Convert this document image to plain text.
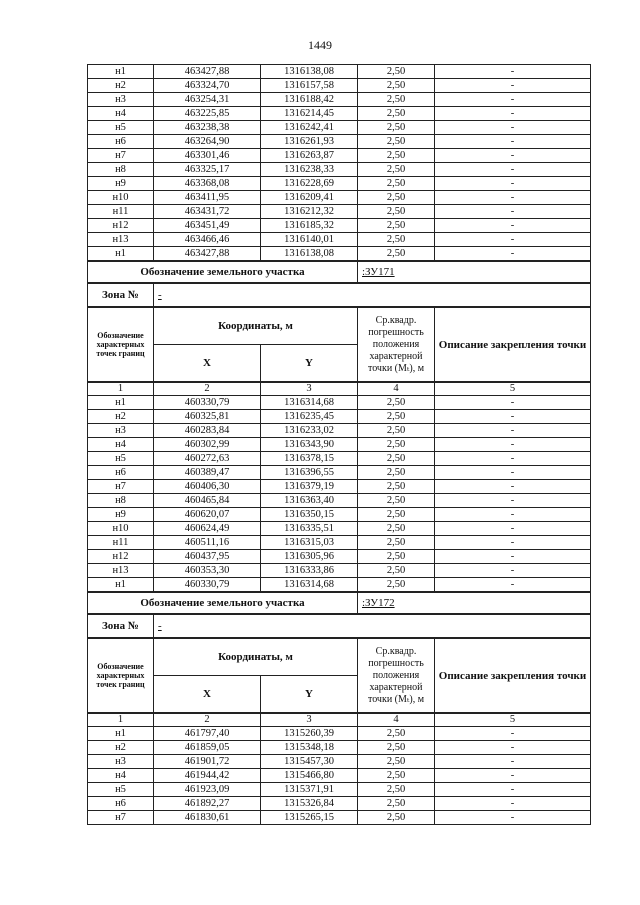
1449
н1	463427,88	1316138,08	2,50	-
н2	463324,70	1316157,58	2,50	-
н3	463254,31	1316188,42	2,50	-
н4	463225,85	1316214,45	2,50	-
н5	463238,38	1316242,41	2,50	-
н6	463264,90	1316261,93	2,50	-
н7	463301,46	1316263,87	2,50	-
н8	463325,17	1316238,33	2,50	-
н9	463368,08	1316228,69	2,50	-
н10	463411,95	1316209,41	2,50	-
н11	463431,72	1316212,32	2,50	-
н12	463451,49	1316185,32	2,50	-
н13	463466,46	1316140,01	2,50	-
н1	463427,88	1316138,08	2,50	-
Обозначение земельного участка	:ЗУ171
Зона №	-
Обозначение характерных точек границ	Координаты, м		Ср.квадр. погрешность положения характерной точки (Mₜ), м	Описание закрепления точки
	X	Y		
1	2	3	4	5
н1	460330,79	1316314,68	2,50	-
н2	460325,81	1316235,45	2,50	-
н3	460283,84	1316233,02	2,50	-
н4	460302,99	1316343,90	2,50	-
н5	460272,63	1316378,15	2,50	-
н6	460389,47	1316396,55	2,50	-
н7	460406,30	1316379,19	2,50	-
н8	460465,84	1316363,40	2,50	-
н9	460620,07	1316350,15	2,50	-
н10	460624,49	1316335,51	2,50	-
н11	460511,16	1316315,03	2,50	-
н12	460437,95	1316305,96	2,50	-
н13	460353,30	1316333,86	2,50	-
н1	460330,79	1316314,68	2,50	-
Обозначение земельного участка	:ЗУ172
Зона №	-
Обозначение характерных точек границ	Координаты, м		Ср.квадр. погрешность положения характерной точки (Mₜ), м	Описание закрепления точки
	X	Y		
1	2	3	4	5
н1	461797,40	1315260,39	2,50	-
н2	461859,05	1315348,18	2,50	-
н3	461901,72	1315457,30	2,50	-
н4	461944,42	1315466,80	2,50	-
н5	461923,09	1315371,91	2,50	-
н6	461892,27	1315326,84	2,50	-
н7	461830,61	1315265,15	2,50	-
